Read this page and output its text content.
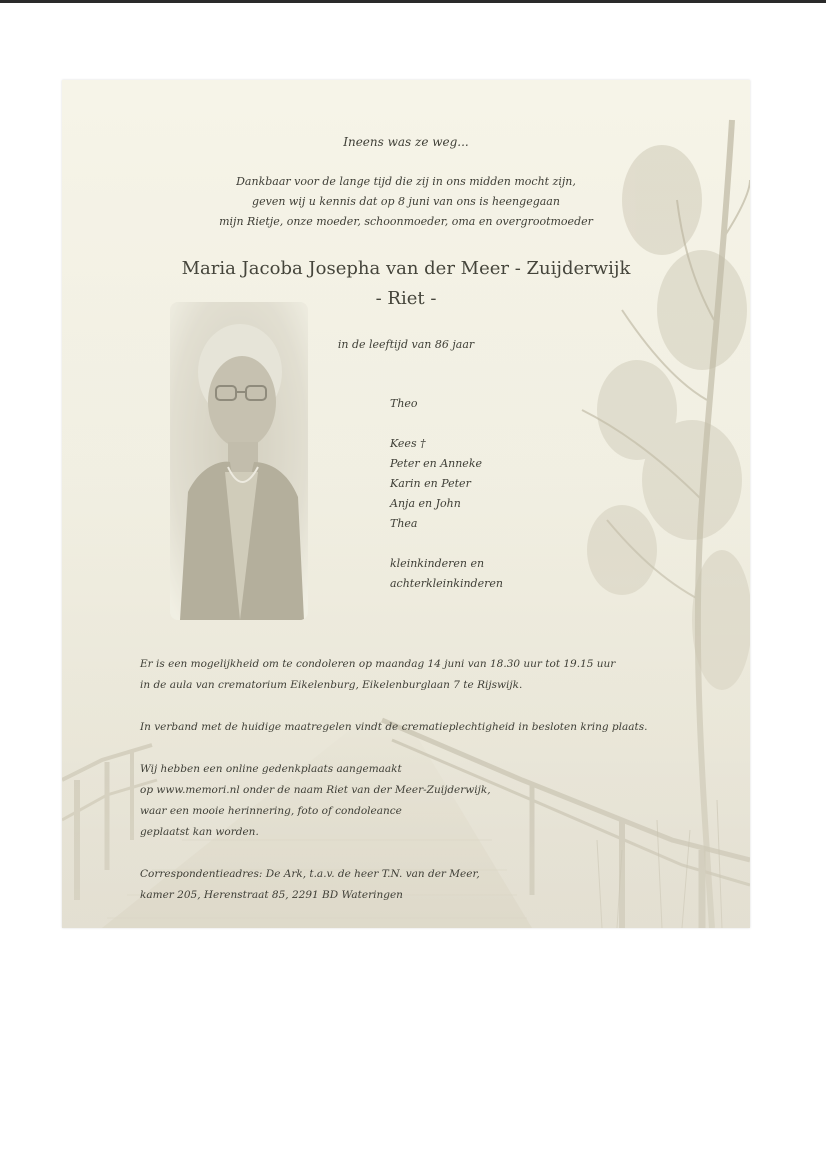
Ineens was ze weg...
Dankbaar voor de lange tijd die zij in ons midden mocht zijn,
geven wij u kennis dat op 8 juni van ons is heengegaan
mijn Rietje, onze moeder, schoonmoeder, oma en overgrootmoeder
Maria Jacoba Josepha van der Meer - Zuijderwijk
- Riet -
in de leeftijd van 86 jaar
Theo
Kees †
Peter en Anneke
Karin en Peter
Anja en John
Thea
kleinkinderen en
achterkleinkinderen

Er is een mogelijkheid om te condoleren op maandag 14 juni van 18.30 uur tot 19.15 uur
in de aula van crematorium Eikelenburg, Eikelenburglaan 7 te Rijswijk.

In verband met de huidige maatregelen vindt de crematieplechtigheid in besloten kring plaats.

Wij hebben een online gedenkplaats aangemaakt
op www.memori.nl onder de naam Riet van der Meer-Zuijderwijk,
waar een mooie herinnering, foto of condoleance
geplaatst kan worden.

Correspondentieadres: De Ark, t.a.v. de heer T.N. van der Meer,
kamer 205, Herenstraat 85, 2291 BD Wateringen
